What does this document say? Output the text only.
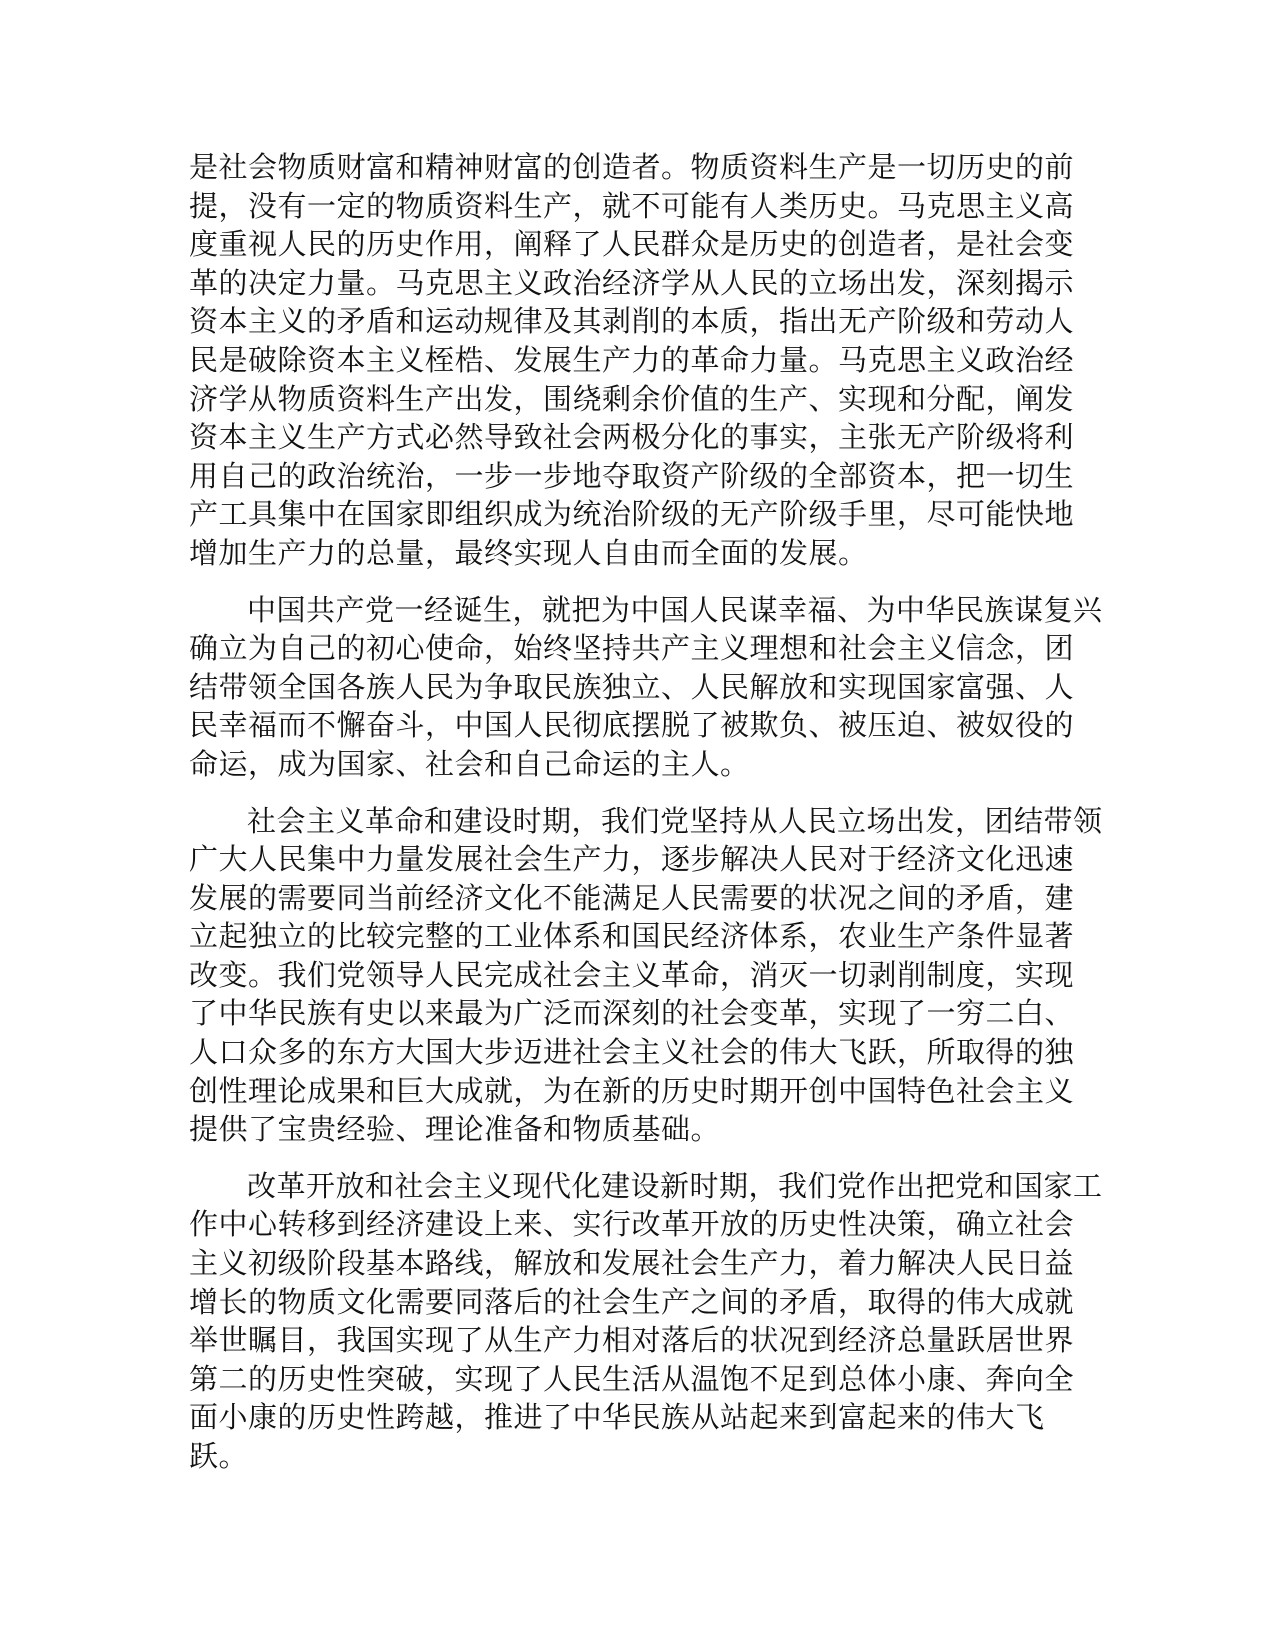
是社会物质财富和精神财富的创造者。物质资料生产是一切历史的前
提，没有一定的物质资料生产，就不可能有人类历史。马克思主义高
度重视人民的历史作用，阐释了人民群众是历史的创造者，是社会变
革的决定力量。马克思主义政治经济学从人民的立场出发，深刻揭示
资本主义的矛盾和运动规律及其剥削的本质，指出无产阶级和劳动人
民是破除资本主义桎梏、发展生产力的革命力量。马克思主义政治经
济学从物质资料生产出发，围绕剩余价值的生产、实现和分配，阐发
资本主义生产方式必然导致社会两极分化的事实，主张无产阶级将利
用自己的政治统治，一步一步地夺取资产阶级的全部资本，把一切生
产工具集中在国家即组织成为统治阶级的无产阶级手里，尽可能快地
增加生产力的总量，最终实现人自由而全面的发展。

中国共产党一经诞生，就把为中国人民谋幸福、为中华民族谋复兴
确立为自己的初心使命，始终坚持共产主义理想和社会主义信念，团
结带领全国各族人民为争取民族独立、人民解放和实现国家富强、人
民幸福而不懈奋斗，中国人民彻底摆脱了被欺负、被压迫、被奴役的
命运，成为国家、社会和自己命运的主人。

社会主义革命和建设时期，我们党坚持从人民立场出发，团结带领
广大人民集中力量发展社会生产力，逐步解决人民对于经济文化迅速
发展的需要同当前经济文化不能满足人民需要的状况之间的矛盾，建
立起独立的比较完整的工业体系和国民经济体系，农业生产条件显著
改变。我们党领导人民完成社会主义革命，消灭一切剥削制度，实现
了中华民族有史以来最为广泛而深刻的社会变革，实现了一穷二白、
人口众多的东方大国大步迈进社会主义社会的伟大飞跃，所取得的独
创性理论成果和巨大成就，为在新的历史时期开创中国特色社会主义
提供了宝贵经验、理论准备和物质基础。

改革开放和社会主义现代化建设新时期，我们党作出把党和国家工
作中心转移到经济建设上来、实行改革开放的历史性决策，确立社会
主义初级阶段基本路线，解放和发展社会生产力，着力解决人民日益
增长的物质文化需要同落后的社会生产之间的矛盾，取得的伟大成就
举世瞩目，我国实现了从生产力相对落后的状况到经济总量跃居世界
第二的历史性突破，实现了人民生活从温饱不足到总体小康、奔向全
面小康的历史性跨越，推进了中华民族从站起来到富起来的伟大飞
跃。
